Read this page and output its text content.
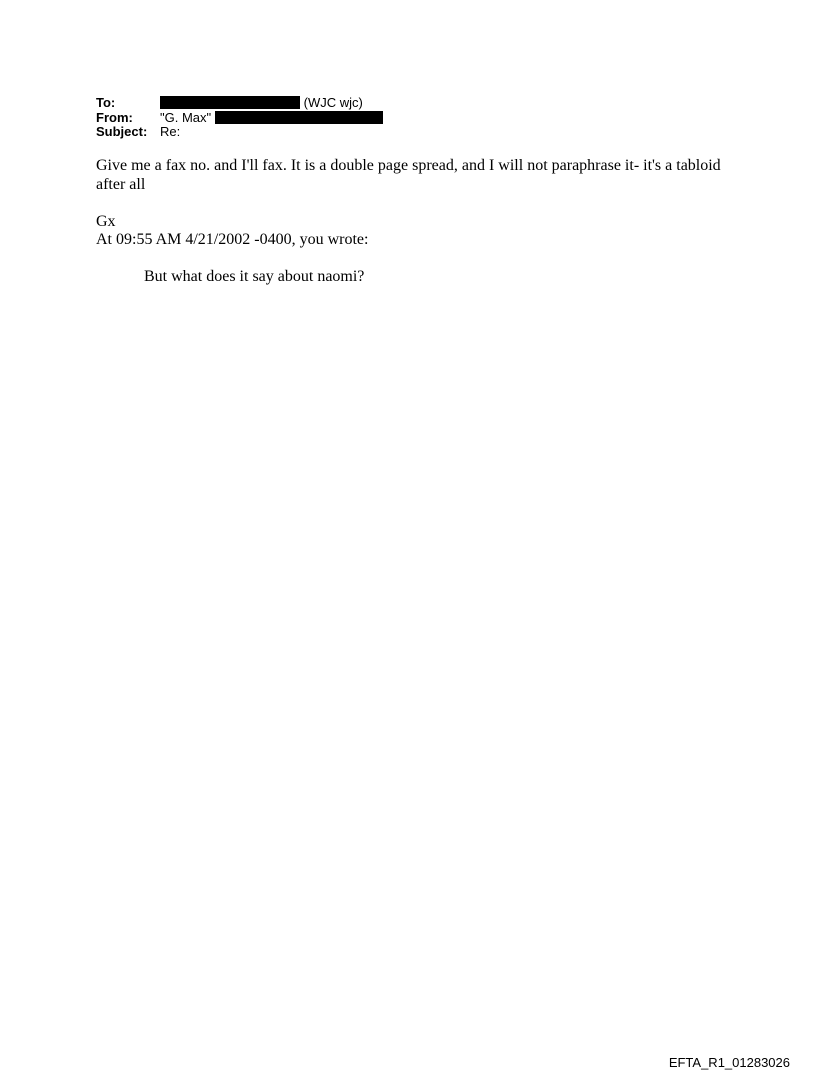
To:	(WJC wjc)
From: "G. Max"
Subject: Re:

Give me a fax no. and I'll fax. It is a double page spread, and I will not paraphrase it- it's a tabloid after all

Gx

At 09:55 AM 4/21/2002 -0400, you wrote:

But what does it say about naomi?

EFTA_R1_01283026
